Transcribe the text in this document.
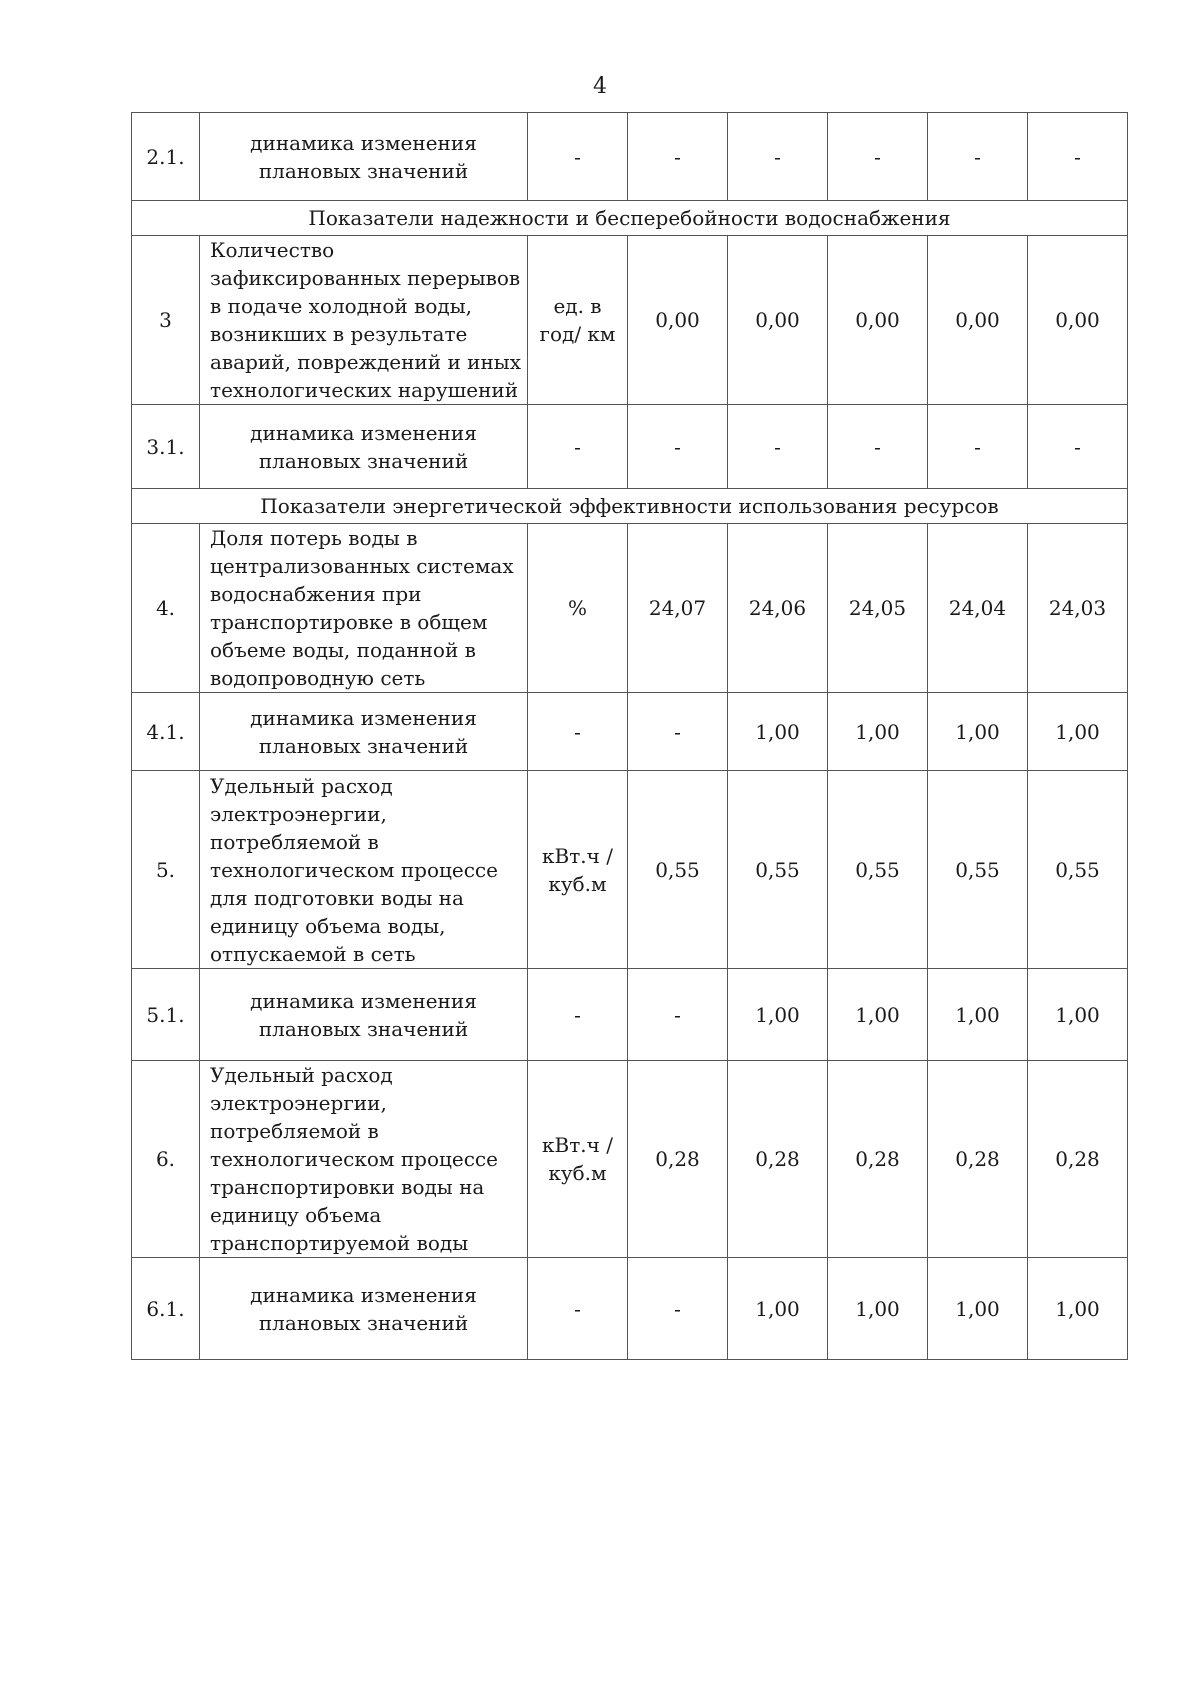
4
2.1.	динамика изменения плановых значений	-	-	-	-	-	-
Показатели надежности и бесперебойности водоснабжения							
3	Количество зафиксированных перерывов в подаче холодной воды, возникших в результате аварий, повреждений и иных технологических нарушений	ед. в год/ км	0,00	0,00	0,00	0,00	0,00
3.1.	динамика изменения плановых значений	-	-	-	-	-	-
Показатели энергетической эффективности использования ресурсов							
4.	Доля потерь воды в централизованных системах водоснабжения при транспортировке в общем объеме воды, поданной в водопроводную сеть	%	24,07	24,06	24,05	24,04	24,03
4.1.	динамика изменения плановых значений	-	-	1,00	1,00	1,00	1,00
5.	Удельный расход электроэнергии, потребляемой в технологическом процессе для подготовки воды на единицу объема воды, отпускаемой в сеть	кВт.ч / куб.м	0,55	0,55	0,55	0,55	0,55
5.1.	динамика изменения плановых значений	-	-	1,00	1,00	1,00	1,00
6.	Удельный расход электроэнергии, потребляемой в технологическом процессе транспортировки воды на единицу объема транспортируемой воды	кВт.ч / куб.м	0,28	0,28	0,28	0,28	0,28
6.1.	динамика изменения плановых значений	-	-	1,00	1,00	1,00	1,00
